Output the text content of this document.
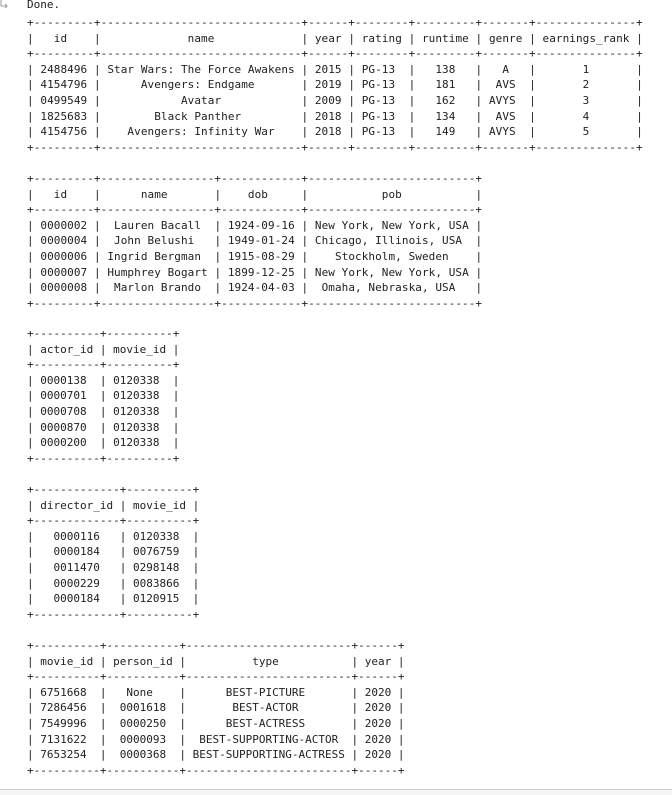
Done.
+---------+------------------------------+------+--------+---------+-------+---------------+
|   id    |             name             | year | rating | runtime | genre | earnings_rank |
+---------+------------------------------+------+--------+---------+-------+---------------+
| 2488496 | Star Wars: The Force Awakens | 2015 | PG-13  |   138   |   A   |       1       |
| 4154796 |      Avengers: Endgame       | 2019 | PG-13  |   181   |  AVS  |       2       |
| 0499549 |            Avatar            | 2009 | PG-13  |   162   | AVYS  |       3       |
| 1825683 |        Black Panther         | 2018 | PG-13  |   134   |  AVS  |       4       |
| 4154756 |    Avengers: Infinity War    | 2018 | PG-13  |   149   | AVYS  |       5       |
+---------+------------------------------+------+--------+---------+-------+---------------+

+---------+-----------------+------------+-------------------------+
|   id    |      name       |    dob     |           pob           |
+---------+-----------------+------------+-------------------------+
| 0000002 |  Lauren Bacall  | 1924-09-16 | New York, New York, USA |
| 0000004 |  John Belushi   | 1949-01-24 | Chicago, Illinois, USA  |
| 0000006 | Ingrid Bergman  | 1915-08-29 |    Stockholm, Sweden    |
| 0000007 | Humphrey Bogart | 1899-12-25 | New York, New York, USA |
| 0000008 |  Marlon Brando  | 1924-04-03 |  Omaha, Nebraska, USA   |
+---------+-----------------+------------+-------------------------+

+----------+----------+
| actor_id | movie_id |
+----------+----------+
| 0000138  | 0120338  |
| 0000701  | 0120338  |
| 0000708  | 0120338  |
| 0000870  | 0120338  |
| 0000200  | 0120338  |
+----------+----------+

+-------------+----------+
| director_id | movie_id |
+-------------+----------+
|   0000116   | 0120338  |
|   0000184   | 0076759  |
|   0011470   | 0298148  |
|   0000229   | 0083866  |
|   0000184   | 0120915  |
+-------------+----------+

+----------+-----------+-------------------------+------+
| movie_id | person_id |          type           | year |
+----------+-----------+-------------------------+------+
| 6751668  |   None    |      BEST-PICTURE       | 2020 |
| 7286456  |  0001618  |       BEST-ACTOR        | 2020 |
| 7549996  |  0000250  |      BEST-ACTRESS       | 2020 |
| 7131622  |  0000093  |  BEST-SUPPORTING-ACTOR  | 2020 |
| 7653254  |  0000368  | BEST-SUPPORTING-ACTRESS | 2020 |
+----------+-----------+-------------------------+------+
